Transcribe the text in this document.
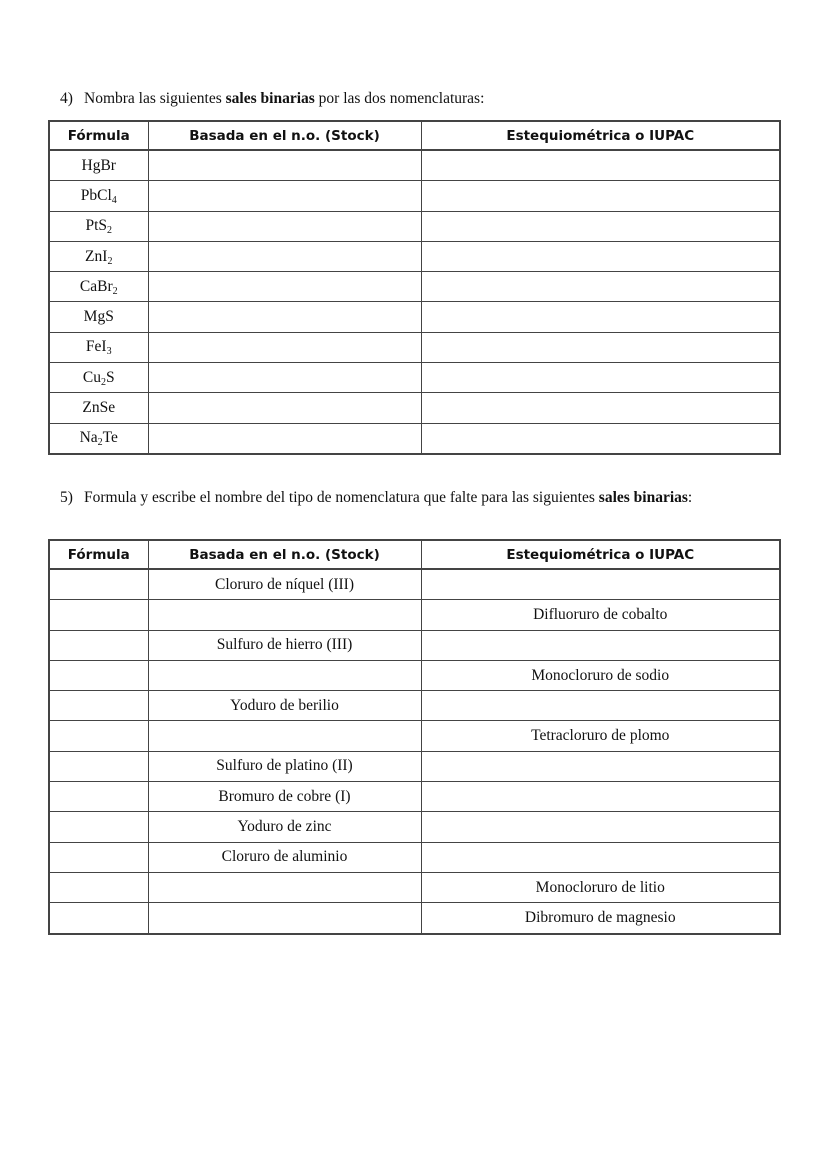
4) Nombra las siguientes sales binarias por las dos nomenclaturas:
Fórmula	Basada en el n.o. (Stock)	Estequiométrica o IUPAC
HgBr		
PbCl$_4$		
PtS$_2$		
ZnI$_2$		
CaBr$_2$		
MgS		
FeI$_3$		
$Cu_2S$		
ZnSe		
$Na_2Te$		
5) Formula y escribe el nombre del tipo de nomenclatura que falte para las siguientes sales binarias:
Fórmula	Basada en el n.o. (Stock)	Estequiométrica o IUPAC
	Cloruro de níquel (III)	
		Difluoruro de cobalto
	Sulfuro de hierro (III)	
		Monocloruro de sodio
	Yoduro de berilio	
		Tetracloruro de plomo
	Sulfuro de platino (II)	
	Bromuro de cobre (I)	
	Yoduro de zinc	
	Cloruro de aluminio	
		Monocloruro de litio
		Dibromuro de magnesio
